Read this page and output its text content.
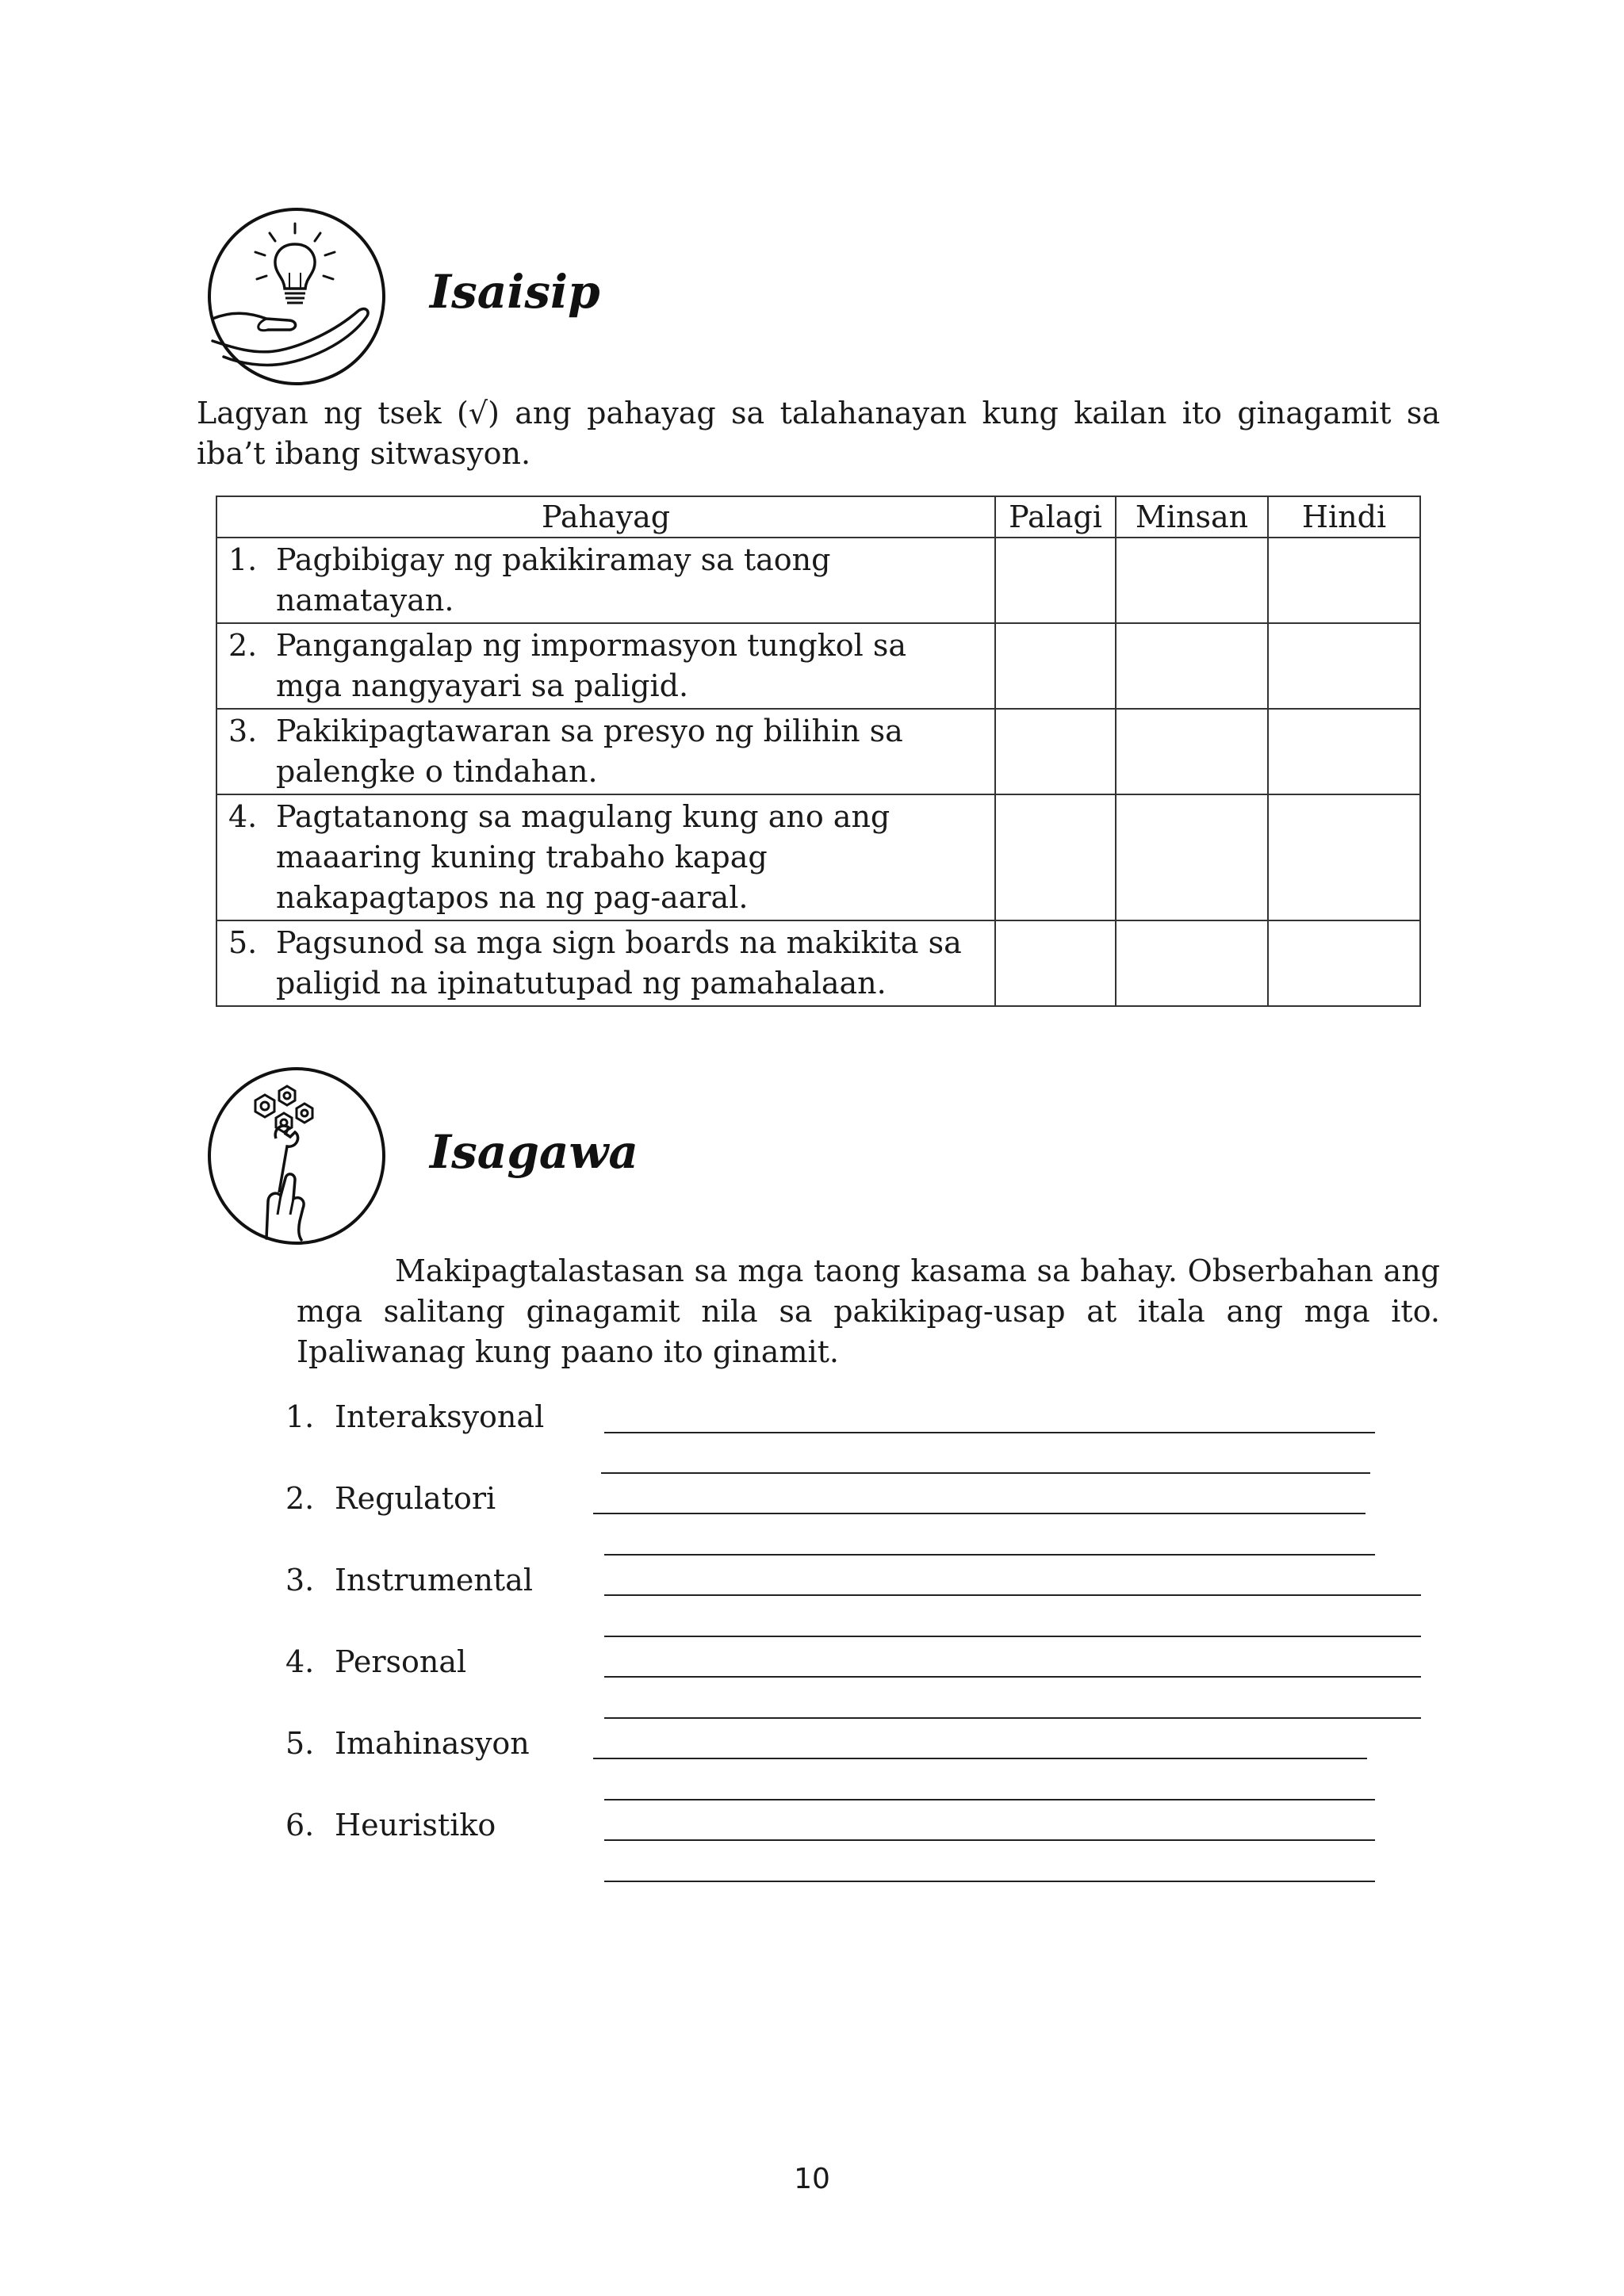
Isaisip
Lagyan ng tsek (√) ang pahayag sa talahanayan kung kailan ito ginagamit sa iba’t ibang sitwasyon.
Pahayag	Palagi	Minsan	Hindi

1. Pagbibigay ng pakikiramay sa taong namatayan.			

2. Pangangalap ng impormasyon tungkol sa mga nangyayari sa paligid.			

3. Pakikipagtawaran sa presyo ng bilihin sa palengke o tindahan.			

4. Pagtatanong sa magulang kung ano ang maaaring kuning trabaho kapag nakapagtapos na ng pag-aaral.			

5. Pagsunod sa mga sign boards na makikita sa paligid na ipinatutupad ng pamahalaan.			

Isagawa
Makipagtalastasan sa mga taong kasama sa bahay. Obserbahan ang mga salitang ginagamit nila sa pakikipag-usap at itala ang mga ito. Ipaliwanag kung paano ito ginamit.
1. Interaksyonal
2. Regulatori
3. Instrumental
4. Personal
5. Imahinasyon
6. Heuristiko
10
